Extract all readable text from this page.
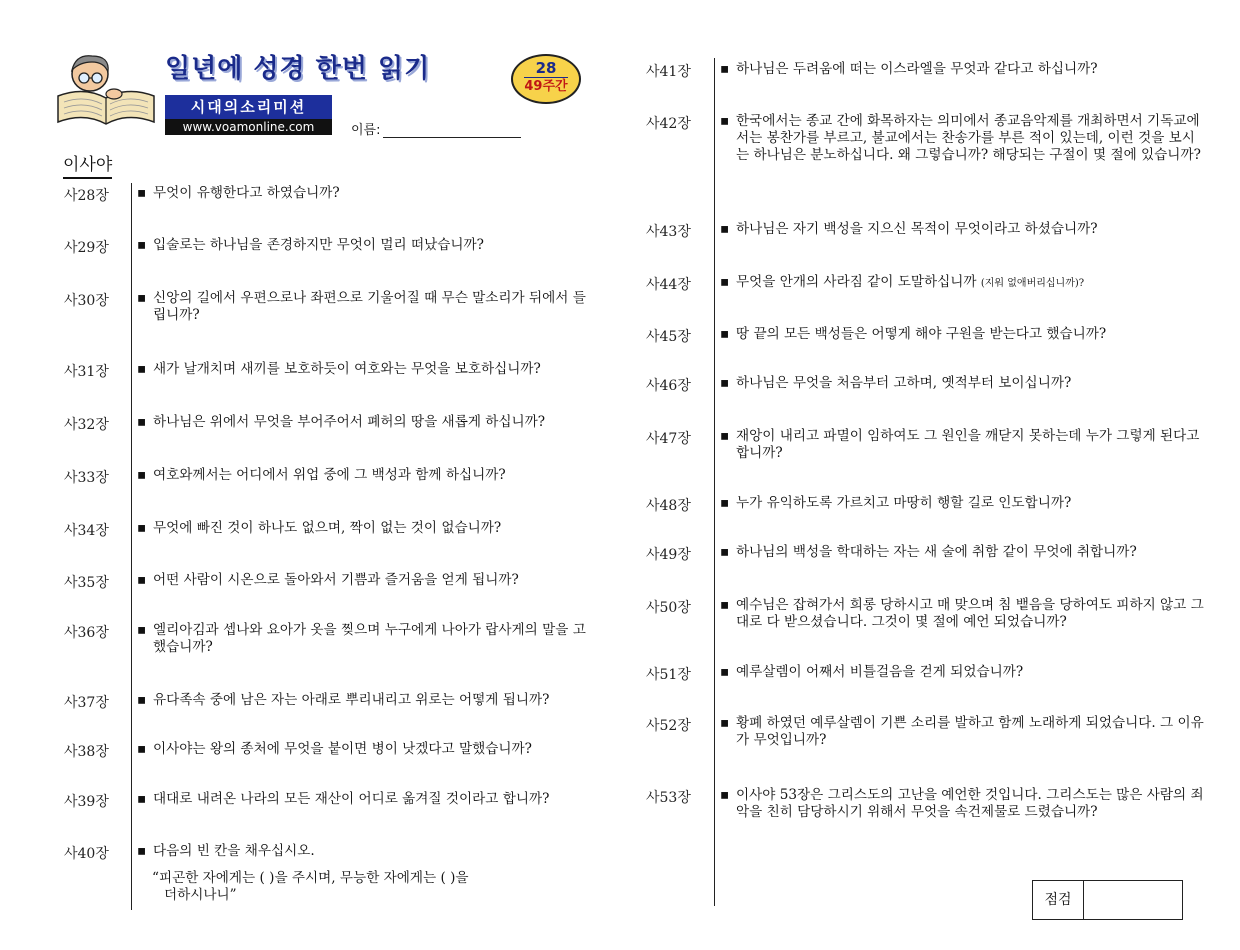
일년에 성경 한번 읽기	28
49주간
시대의소리미션
www.voamonline.com	이름:
이사야
사28장 ▪ 무엇이 유행한다고 하였습니까?
사29장 ▪ 입술로는 하나님을 존경하지만 무엇이 멀리 떠났습니까?
사30장 ▪ 신앙의 길에서 우편으로나 좌편으로 기울어질 때 무슨 말소리가 뒤에서 들립니까?
사31장 ▪ 새가 날개치며 새끼를 보호하듯이 여호와는 무엇을 보호하십니까?
사32장 ▪ 하나님은 위에서 무엇을 부어주어서 폐허의 땅을 새롭게 하십니까?
사33장 ▪ 여호와께서는 어디에서 위업 중에 그 백성과 함께 하십니까?
사34장 ▪ 무엇에 빠진 것이 하나도 없으며, 짝이 없는 것이 없습니까?
사35장 ▪ 어떤 사람이 시온으로 돌아와서 기쁨과 즐거움을 얻게 됩니까?
사36장 ▪ 엘리아김과 셉나와 요아가 옷을 찢으며 누구에게 나아가 랍사게의 말을 고했습니까?
사37장 ▪ 유다족속 중에 남은 자는 아래로 뿌리내리고 위로는 어떻게 됩니까?
사38장 ▪ 이사야는 왕의 종처에 무엇을 붙이면 병이 낫겠다고 말했습니까?
사39장 ▪ 대대로 내려온 나라의 모든 재산이 어디로 옮겨질 것이라고 합니까?
사40장 ▪ 다음의 빈 칸을 채우십시오.
“피곤한 자에게는 ( )을 주시며, 무능한 자에게는 ( )을
더하시나니”
사41장 ▪ 하나님은 두려움에 떠는 이스라엘을 무엇과 같다고 하십니까?
사42장 ▪ 한국에서는 종교 간에 화목하자는 의미에서 종교음악제를 개최하면서 기독교에서는 봉찬가를 부르고, 불교에서는 찬송가를 부른 적이 있는데, 이런 것을 보시는 하나님은 분노하십니다. 왜 그렇습니까? 해당되는 구절이 몇 절에 있습니까?
사43장 ▪ 하나님은 자기 백성을 지으신 목적이 무엇이라고 하셨습니까?
사44장 ▪ 무엇을 안개의 사라짐 같이 도말하십니까 (지워 없애버리십니까)?
사45장 ▪ 땅 끝의 모든 백성들은 어떻게 해야 구원을 받는다고 했습니까?
사46장 ▪ 하나님은 무엇을 처음부터 고하며, 옛적부터 보이십니까?
사47장 ▪ 재앙이 내리고 파멸이 임하여도 그 원인을 깨닫지 못하는데 누가 그렇게 된다고 합니까?
사48장 ▪ 누가 유익하도록 가르치고 마땅히 행할 길로 인도합니까?
사49장 ▪ 하나님의 백성을 학대하는 자는 새 술에 취함 같이 무엇에 취합니까?
사50장 ▪ 예수님은 잡혀가서 희롱 당하시고 매 맞으며 침 뱉음을 당하여도 피하지 않고 그대로 다 받으셨습니다. 그것이 몇 절에 예언 되었습니까?
사51장 ▪ 예루살렘이 어째서 비틀걸음을 걷게 되었습니까?
사52장 ▪ 황폐 하였던 예루살렘이 기쁜 소리를 발하고 함께 노래하게 되었습니다. 그 이유가 무엇입니까?
사53장 ▪ 이사야 53장은 그리스도의 고난을 예언한 것입니다. 그리스도는 많은 사람의 죄악을 친히 담당하시기 위해서 무엇을 속건제물로 드렸습니까?
점검
